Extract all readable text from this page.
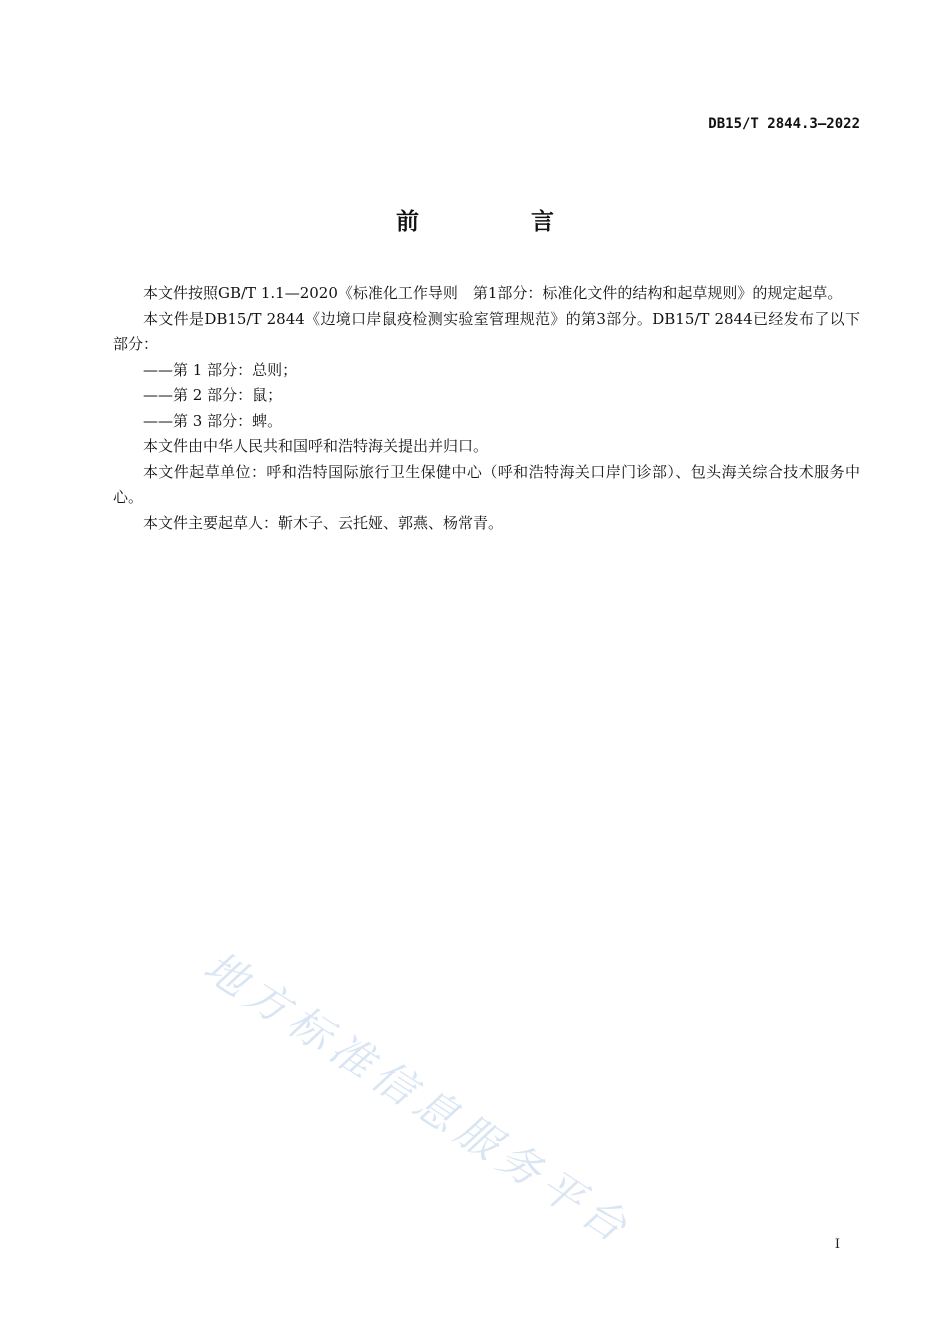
DB15/T 2844.3—2022
前 言

本文件按照GB/T 1.1—2020《标准化工作导则　第1部分：标准化文件的结构和起草规则》的规定起草。

本文件是DB15/T 2844《边境口岸鼠疫检测实验室管理规范》的第3部分。DB15/T 2844已经发布了以下部分：

——第 1 部分：总则；

——第 2 部分：鼠；

——第 3 部分：蜱。

本文件由中华人民共和国呼和浩特海关提出并归口。

本文件起草单位：呼和浩特国际旅行卫生保健中心（呼和浩特海关口岸门诊部）、包头海关综合技术服务中心。

本文件主要起草人：靳木子、云托娅、郭燕、杨常青。

地方标准信息服务平台	I
